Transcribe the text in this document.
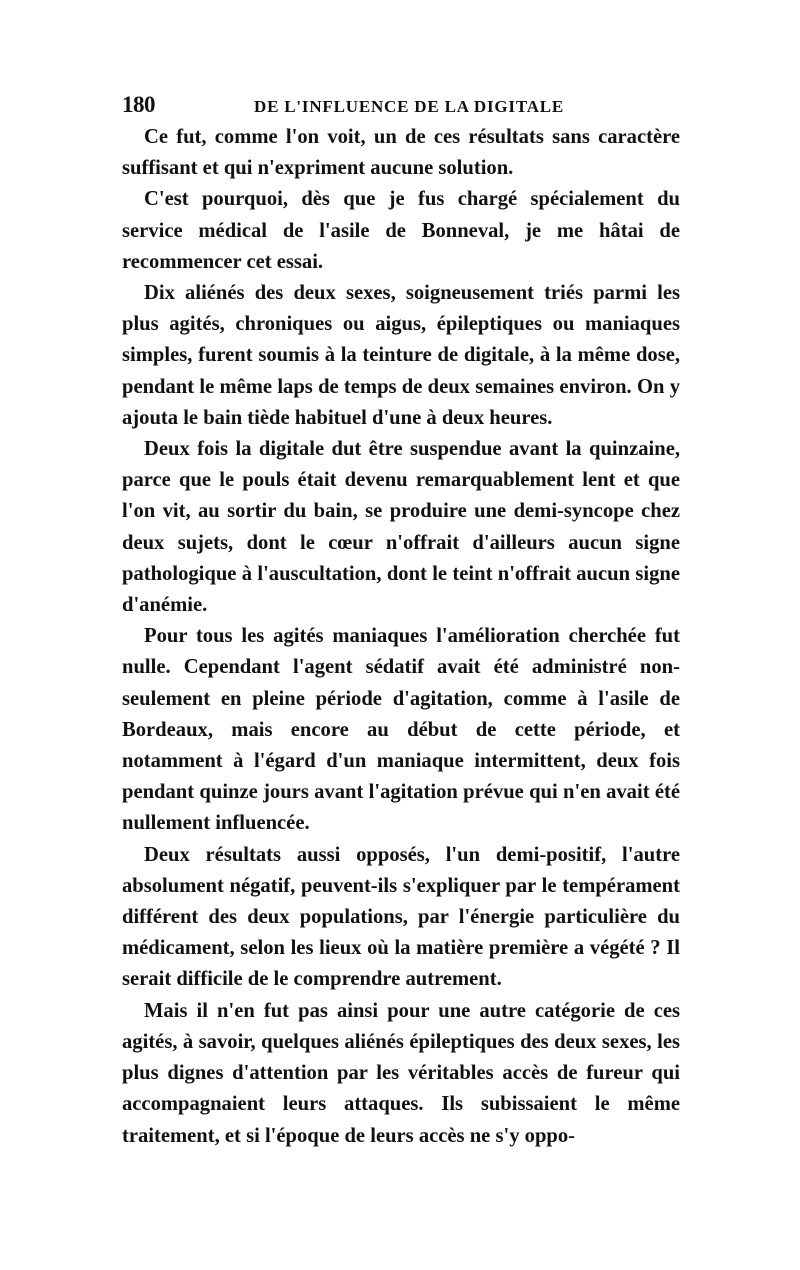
180	DE L'INFLUENCE DE LA DIGITALE

Ce fut, comme l'on voit, un de ces résultats sans caractère suffisant et qui n'expriment aucune solution.

C'est pourquoi, dès que je fus chargé spécialement du service médical de l'asile de Bonneval, je me hâtai de recommencer cet essai.

Dix aliénés des deux sexes, soigneusement triés parmi les plus agités, chroniques ou aigus, épileptiques ou maniaques simples, furent soumis à la teinture de digitale, à la même dose, pendant le même laps de temps de deux semaines environ. On y ajouta le bain tiède habituel d'une à deux heures.

Deux fois la digitale dut être suspendue avant la quinzaine, parce que le pouls était devenu remarquablement lent et que l'on vit, au sortir du bain, se produire une demi-syncope chez deux sujets, dont le cœur n'offrait d'ailleurs aucun signe pathologique à l'auscultation, dont le teint n'offrait aucun signe d'anémie.

Pour tous les agités maniaques l'amélioration cherchée fut nulle. Cependant l'agent sédatif avait été administré non-seulement en pleine période d'agitation, comme à l'asile de Bordeaux, mais encore au début de cette période, et notamment à l'égard d'un maniaque intermittent, deux fois pendant quinze jours avant l'agitation prévue qui n'en avait été nullement influencée.

Deux résultats aussi opposés, l'un demi-positif, l'autre absolument négatif, peuvent-ils s'expliquer par le tempérament différent des deux populations, par l'énergie particulière du médicament, selon les lieux où la matière première a végété ? Il serait difficile de le comprendre autrement.

Mais il n'en fut pas ainsi pour une autre catégorie de ces agités, à savoir, quelques aliénés épileptiques des deux sexes, les plus dignes d'attention par les véritables accès de fureur qui accompagnaient leurs attaques. Ils subissaient le même traitement, et si l'époque de leurs accès ne s'y oppo-
